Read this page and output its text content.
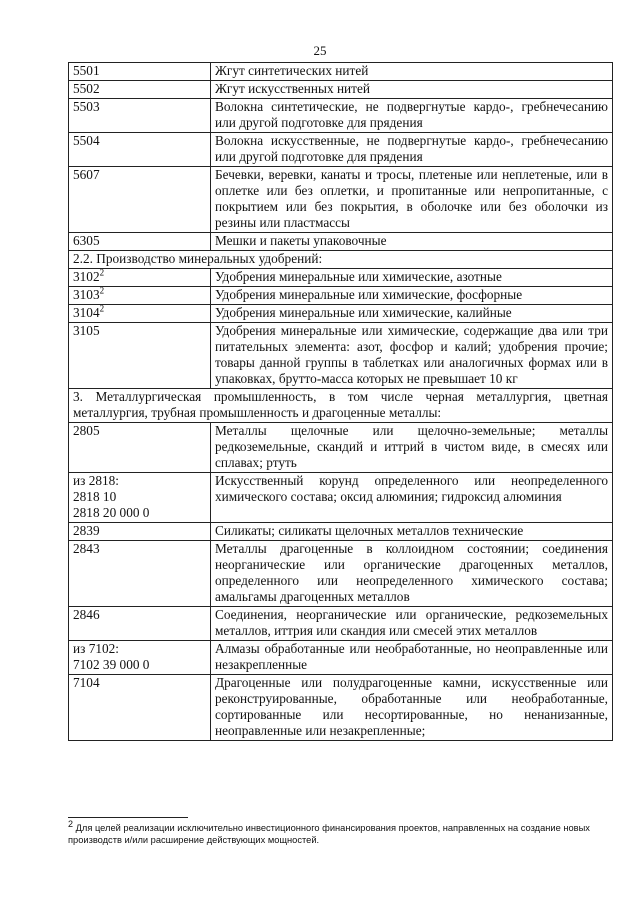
25
5501	Жгут синтетических нитей

5502	Жгут искусственных нитей

5503	Волокна синтетические, не подвергнутые кардо-, гребнечесанию или другой подготовке для прядения

5504	Волокна искусственные, не подвергнутые кардо-, гребнечесанию или другой подготовке для прядения

5607	Бечевки, веревки, канаты и тросы, плетеные или неплетеные, или в оплетке или без оплетки, и пропитанные или непропитанные, с покрытием или без покрытия, в оболочке или без оболочки из резины или пластмассы

6305	Мешки и пакеты упаковочные
2.2. Производство минеральных удобрений:	

3102$^2$	Удобрения минеральные или химические, азотные

3103$^2$	Удобрения минеральные или химические, фосфорные

3104$^2$	Удобрения минеральные или химические, калийные

3105	Удобрения минеральные или химические, содержащие два или три питательных элемента: азот, фосфор и калий; удобрения прочие; товары данной группы в таблетках или аналогичных формах или в упаковках, брутто-масса которых не превышает 10 кг
3. Металлургическая промышленность, в том числе черная металлургия, цветная металлургия, трубная промышленность и драгоценные металлы:	

2805	Металлы щелочные или щелочно-земельные; металлы редкоземельные, скандий и иттрий в чистом виде, в смесях или сплавах; ртуть

из 2818:
2818 10
2818 20 000 0	Искусственный корунд определенного или неопределенного химического состава; оксид алюминия; гидроксид алюминия

2839	Силикаты; силикаты щелочных металлов технические

2843	Металлы драгоценные в коллоидном состоянии; соединения неорганические или органические драгоценных металлов, определенного или неопределенного химического состава; амальгамы драгоценных металлов

2846	Соединения, неорганические или органические, редкоземельных металлов, иттрия или скандия или смесей этих металлов

из 7102:
7102 39 000 0	Алмазы обработанные или необработанные, но неоправленные или незакрепленные

7104	Драгоценные или полудрагоценные камни, искусственные или реконструированные, обработанные или необработанные, сортированные или несортированные, но ненанизанные, неоправленные или незакрепленные;
$^2$ Для целей реализации исключительно инвестиционного финансирования проектов, направленных на создание новых производств и/или расширение действующих мощностей.
